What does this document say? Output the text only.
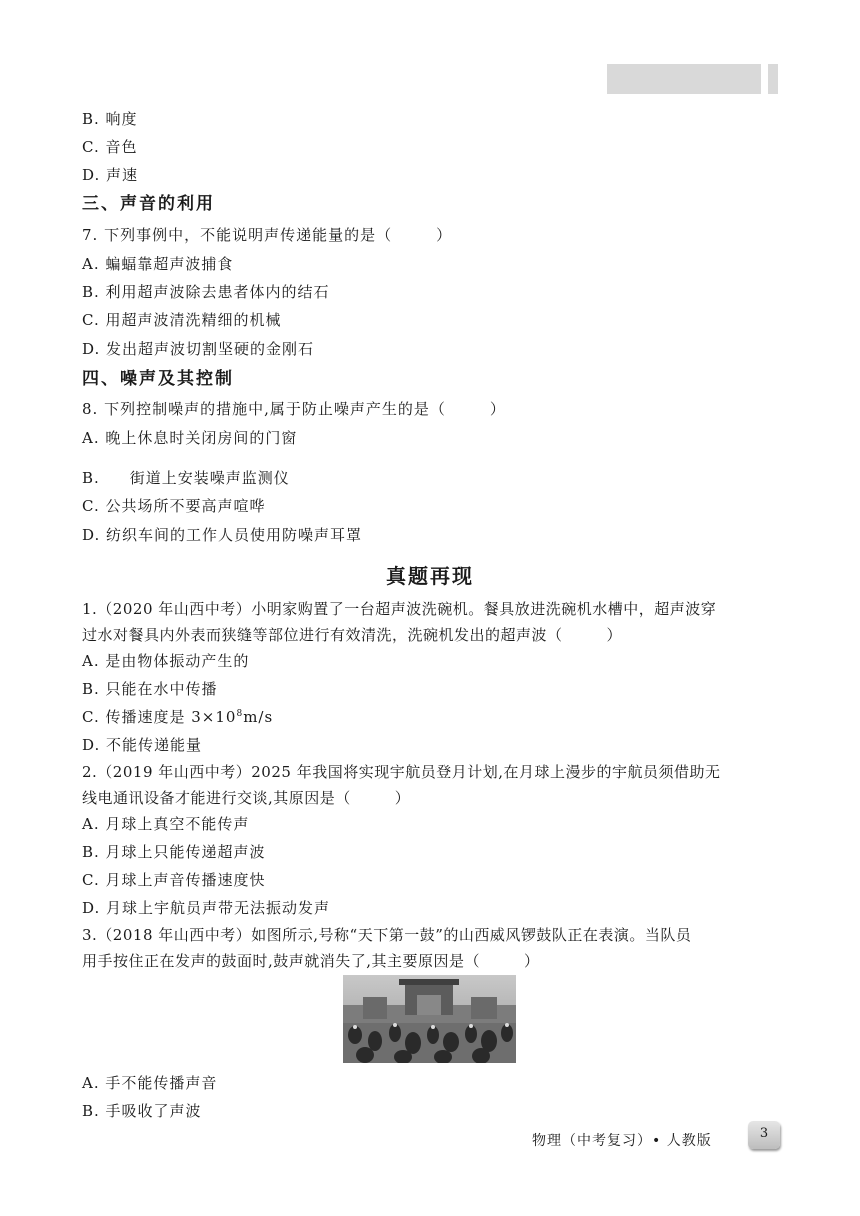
B. 响度
C. 音色
D. 声速
三、声音的利用
7. 下列事例中，不能说明声传递能量的是（	）
A. 蝙蝠靠超声波捕食
B. 利用超声波除去患者体内的结石
C. 用超声波清洗精细的机械
D. 发出超声波切割坚硬的金刚石
四、噪声及其控制
8. 下列控制噪声的措施中,属于防止噪声产生的是（	）
A. 晚上休息时关闭房间的门窗
B. 街道上安装噪声监测仪
C. 公共场所不要高声喧哗
D. 纺织车间的工作人员使用防噪声耳罩
真题再现
1.（2020 年山西中考）小明家购置了一台超声波洗碗机。餐具放进洗碗机水槽中，超声波穿
过水对餐具内外表而狭缝等部位进行有效清洗，洗碗机发出的超声波（	）
A. 是由物体振动产生的
B. 只能在水中传播
C. 传播速度是 $3\times 10^8m/s$
D. 不能传递能量
2.（2019 年山西中考）2025 年我国将实现宇航员登月计划,在月球上漫步的宇航员须借助无
线电通讯设备才能进行交谈,其原因是（	）
A. 月球上真空不能传声
B. 月球上只能传递超声波
C. 月球上声音传播速度快
D. 月球上宇航员声带无法振动发声
3.（2018 年山西中考）如图所示,号称“天下第一鼓”的山西威风锣鼓队正在表演。当队员
用手按住正在发声的鼓面时,鼓声就消失了,其主要原因是（	）
A. 手不能传播声音
B. 手吸收了声波
物理（中考复习）• 人教版	3
